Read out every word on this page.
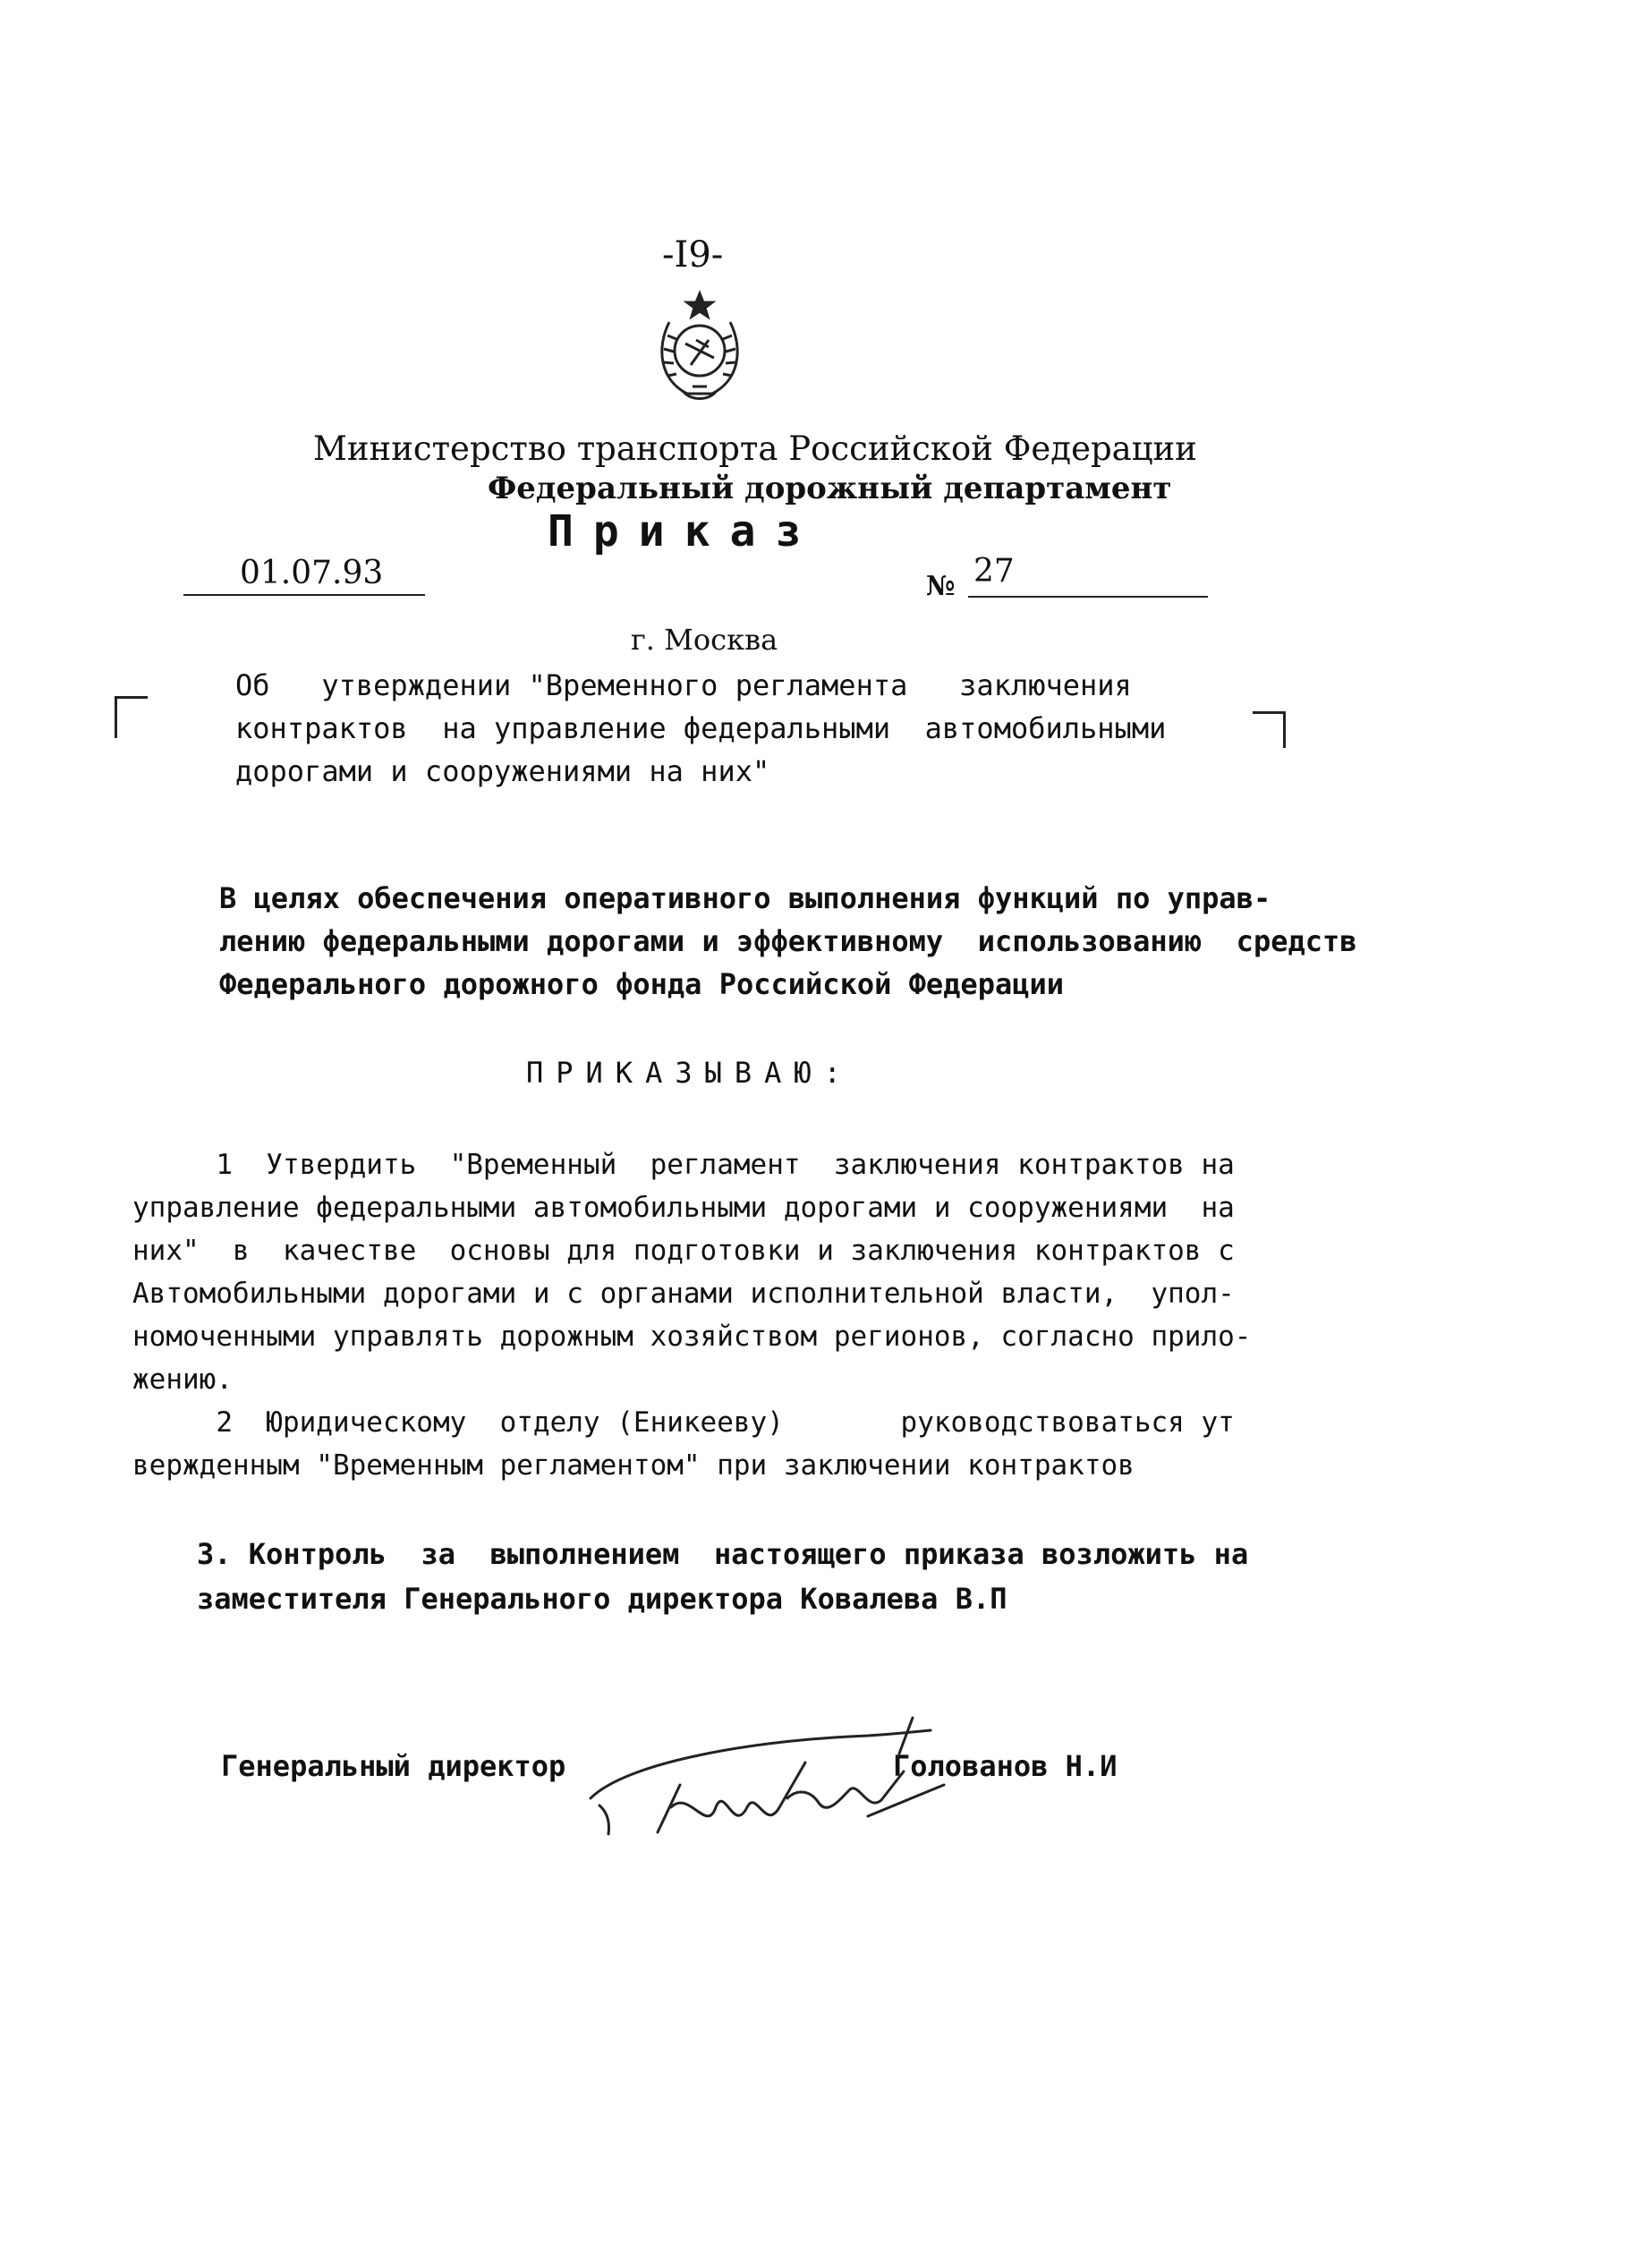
-I9-
Министерство транспорта Российской Федерации
Федеральный дорожный департамент
Приказ
01.07.93	№ 27
г. Москва
Об   утверждении "Временного регламента   заключения
контрактов  на управление федеральными  автомобильными
дорогами и сооружениями на них"
В целях обеспечения оперативного выполнения функций по управ-
лению федеральными дорогами и эффективному  использованию  средств
Федерального дорожного фонда Российской Федерации
ПРИКАЗЫВАЮ:
1  Утвердить  "Временный  регламент  заключения контрактов на
управление федеральными автомобильными дорогами и сооружениями  на
них"  в  качестве  основы для подготовки и заключения контрактов с
Автомобильными дорогами и с органами исполнительной власти,  упол-
номоченными управлять дорожным хозяйством регионов, согласно прило-
жению.
2  Юридическому  отделу (Еникееву)       руководствоваться ут
вержденным "Временным регламентом" при заключении контрактов
3. Контроль  за  выполнением  настоящего приказа возложить на
заместителя Генерального директора Ковалева В.П
Генеральный директор	Голованов Н.И
